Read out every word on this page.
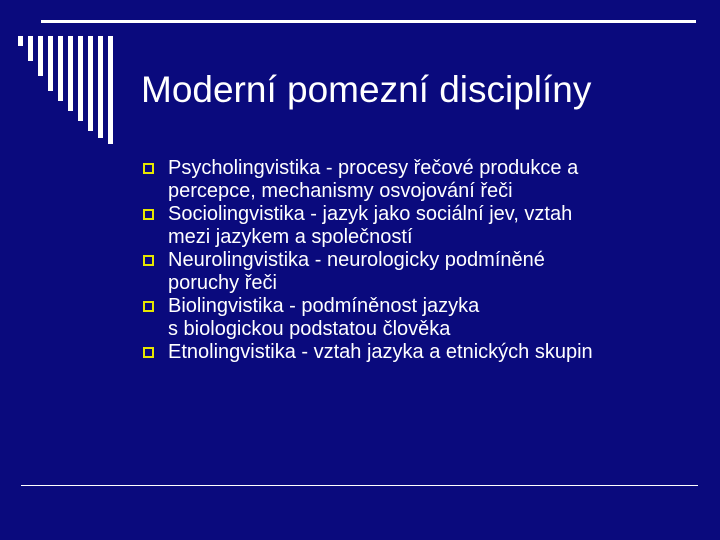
Moderní pomezní disciplíny
Psycholingvistika - procesy řečové produkce a
percepce, mechanismy osvojování řeči
Sociolingvistika - jazyk jako sociální jev, vztah
mezi jazykem a společností
Neurolingvistika - neurologicky podmíněné
poruchy řeči
Biolingvistika - podmíněnost jazyka
s biologickou podstatou člověka
Etnolingvistika - vztah jazyka a etnických skupin
